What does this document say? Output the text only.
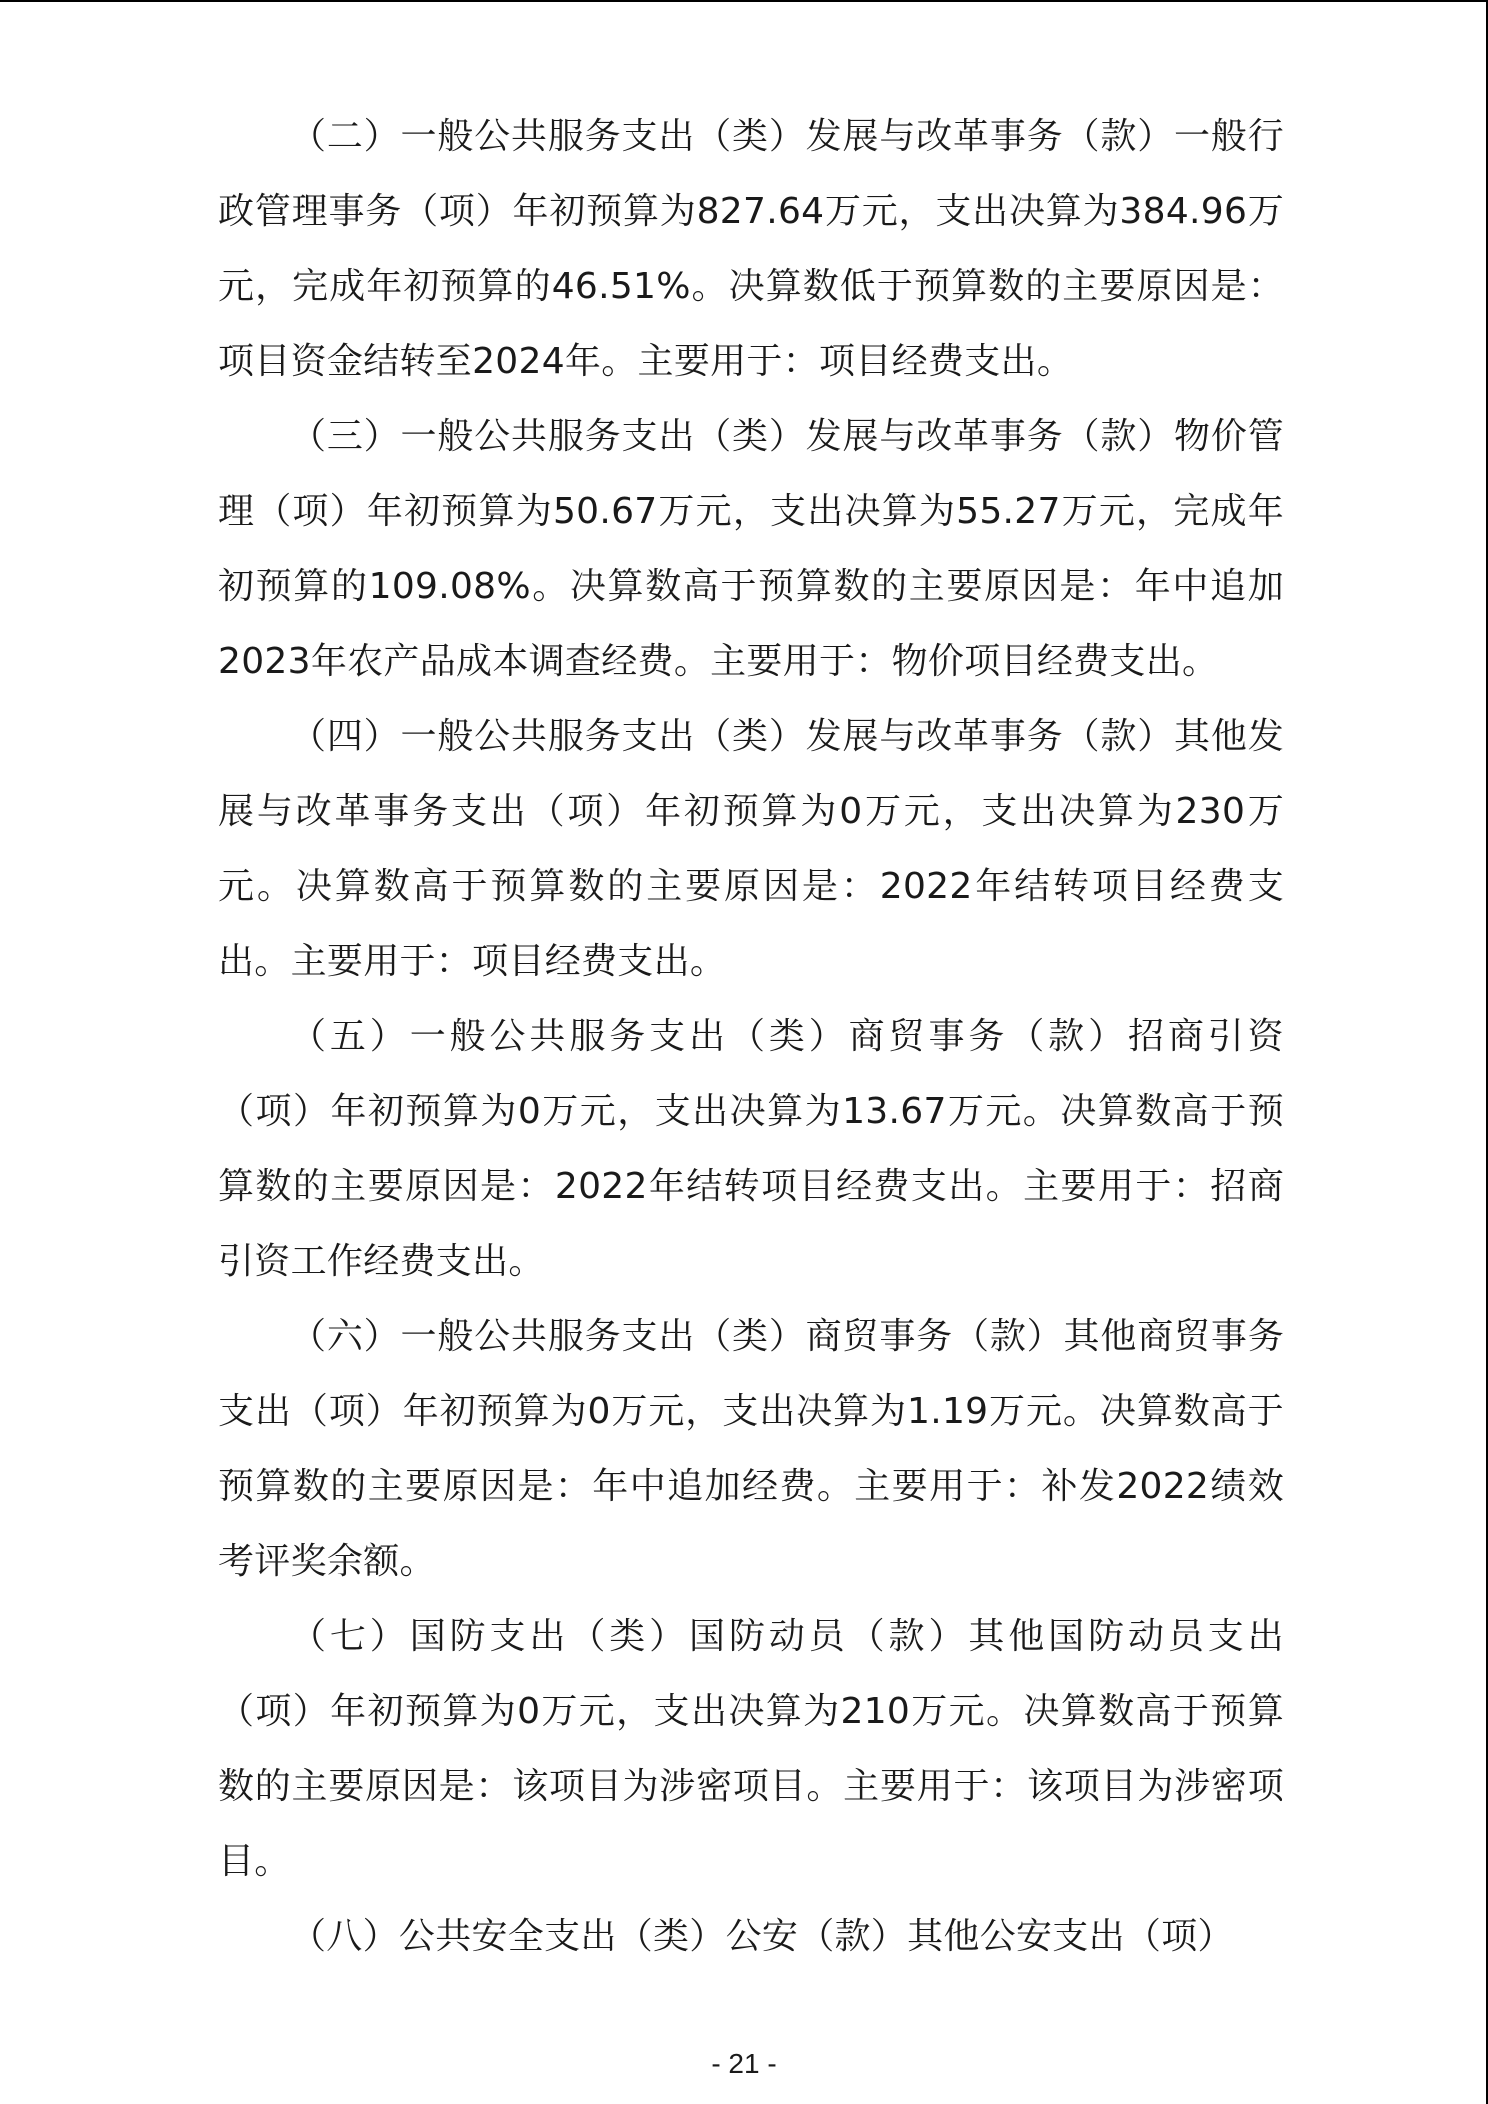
（二）一般公共服务支出（类）发展与改革事务（款）一般行政管理事务（项）年初预算为827.64万元，支出决算为384.96万元，完成年初预算的46.51%。决算数低于预算数的主要原因是：项目资金结转至2024年。主要用于：项目经费支出。

（三）一般公共服务支出（类）发展与改革事务（款）物价管理（项）年初预算为50.67万元，支出决算为55.27万元，完成年初预算的109.08%。决算数高于预算数的主要原因是：年中追加2023年农产品成本调查经费。主要用于：物价项目经费支出。

（四）一般公共服务支出（类）发展与改革事务（款）其他发展与改革事务支出（项）年初预算为0万元，支出决算为230万元。决算数高于预算数的主要原因是：2022年结转项目经费支出。主要用于：项目经费支出。

（五）一般公共服务支出（类）商贸事务（款）招商引资（项）年初预算为0万元，支出决算为13.67万元。决算数高于预算数的主要原因是：2022年结转项目经费支出。主要用于：招商引资工作经费支出。

（六）一般公共服务支出（类）商贸事务（款）其他商贸事务支出（项）年初预算为0万元，支出决算为1.19万元。决算数高于预算数的主要原因是：年中追加经费。主要用于：补发2022绩效考评奖余额。

（七）国防支出（类）国防动员（款）其他国防动员支出（项）年初预算为0万元，支出决算为210万元。决算数高于预算数的主要原因是：该项目为涉密项目。主要用于：该项目为涉密项目。

（八）公共安全支出（类）公安（款）其他公安支出（项）

- 21 -
